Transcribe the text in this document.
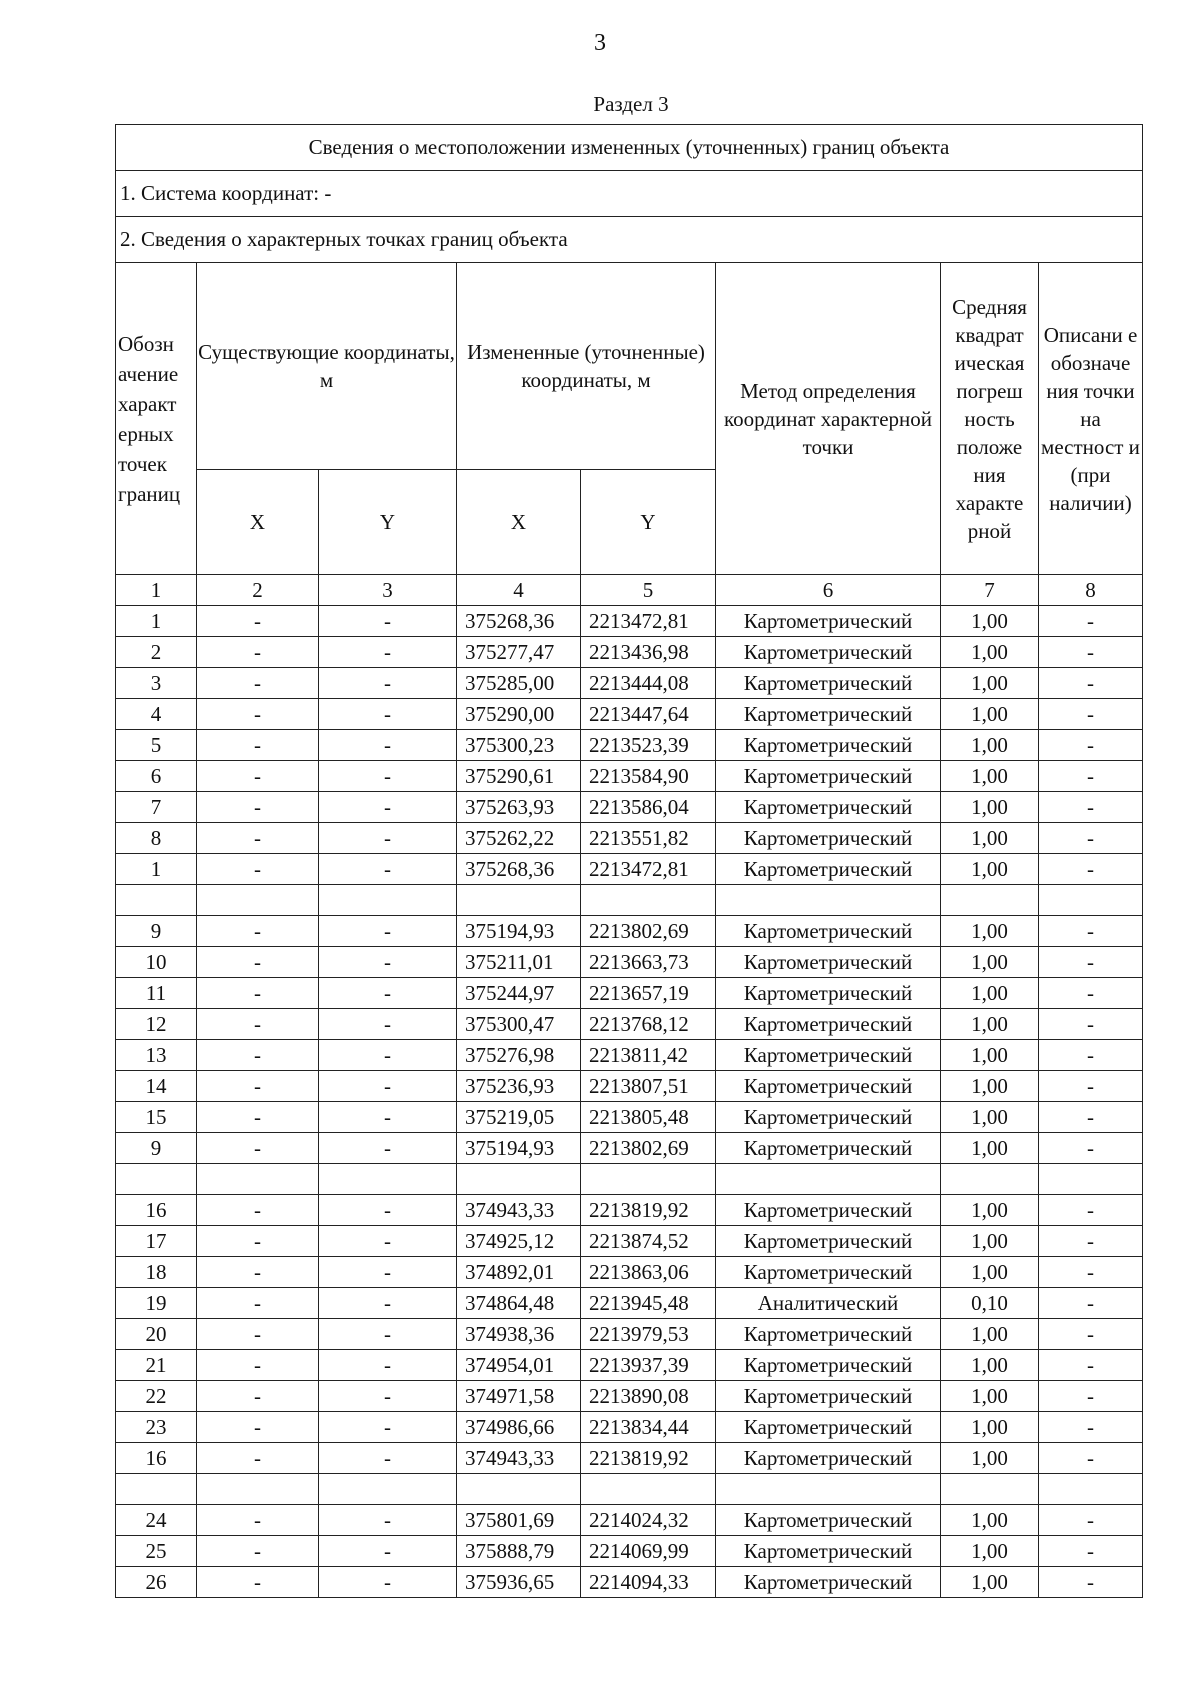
3
Раздел 3
Сведения о местоположении измененных (уточненных) границ объекта							
1. Система координат: -							
2. Сведения о характерных точках границ объекта							
Обозн ачение характ ерных точек границ	Существующие координаты, м		Измененные (уточненные) координаты, м		Метод определения координат характерной точки	Средняя квадрат ическая погреш ность положе ния характе рной	Описани е обозначе ния точки на местност и (при наличии)
	X	Y	X	Y			
1	2	3	4	5	6	7	8
1	-	-	375268,36	2213472,81	Картометрический	1,00	-
2	-	-	375277,47	2213436,98	Картометрический	1,00	-
3	-	-	375285,00	2213444,08	Картометрический	1,00	-
4	-	-	375290,00	2213447,64	Картометрический	1,00	-
5	-	-	375300,23	2213523,39	Картометрический	1,00	-
6	-	-	375290,61	2213584,90	Картометрический	1,00	-
7	-	-	375263,93	2213586,04	Картометрический	1,00	-
8	-	-	375262,22	2213551,82	Картометрический	1,00	-
1	-	-	375268,36	2213472,81	Картометрический	1,00	-

9	-	-	375194,93	2213802,69	Картометрический	1,00	-
10	-	-	375211,01	2213663,73	Картометрический	1,00	-
11	-	-	375244,97	2213657,19	Картометрический	1,00	-
12	-	-	375300,47	2213768,12	Картометрический	1,00	-
13	-	-	375276,98	2213811,42	Картометрический	1,00	-
14	-	-	375236,93	2213807,51	Картометрический	1,00	-
15	-	-	375219,05	2213805,48	Картометрический	1,00	-
9	-	-	375194,93	2213802,69	Картометрический	1,00	-

16	-	-	374943,33	2213819,92	Картометрический	1,00	-
17	-	-	374925,12	2213874,52	Картометрический	1,00	-
18	-	-	374892,01	2213863,06	Картометрический	1,00	-
19	-	-	374864,48	2213945,48	Аналитический	0,10	-
20	-	-	374938,36	2213979,53	Картометрический	1,00	-
21	-	-	374954,01	2213937,39	Картометрический	1,00	-
22	-	-	374971,58	2213890,08	Картометрический	1,00	-
23	-	-	374986,66	2213834,44	Картометрический	1,00	-
16	-	-	374943,33	2213819,92	Картометрический	1,00	-

24	-	-	375801,69	2214024,32	Картометрический	1,00	-
25	-	-	375888,79	2214069,99	Картометрический	1,00	-
26	-	-	375936,65	2214094,33	Картометрический	1,00	-
